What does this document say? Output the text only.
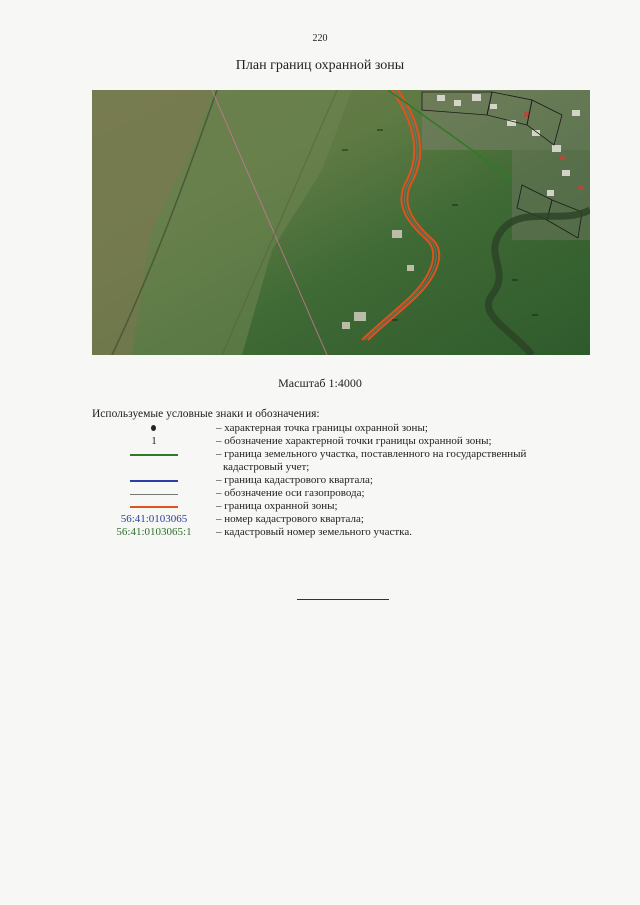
220
План границ охранной зоны
Масштаб 1:4000
Используемые условные знаки и обозначения:
– характерная точка границы охранной зоны;
1	– обозначение характерной точки границы охранной зоны;
– граница земельного участка, поставленного на государственный
кадастровый учет;
– граница кадастрового квартала;
– обозначение оси газопровода;
– граница охранной зоны;
56:41:0103065	– номер кадастрового квартала;
56:41:0103065:1	– кадастровый номер земельного участка.
